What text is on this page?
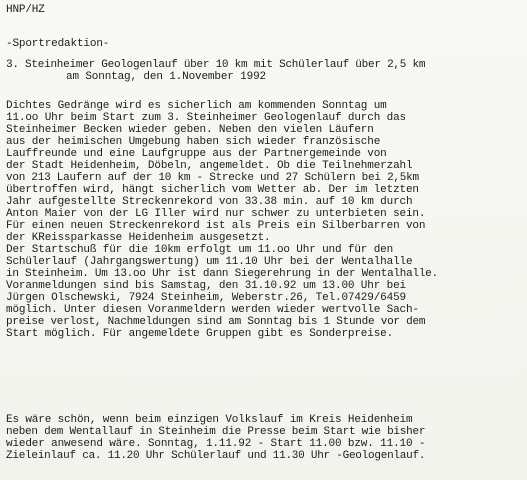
HNP/HZ

-Sportredaktion-

3. Steinheimer Geologenlauf über 10 km mit Schülerlauf über 2,5 km

am Sonntag, den 1.November 1992

Dichtes Gedränge wird es sicherlich am kommenden Sonntag um

11.oo Uhr beim Start zum 3. Steinheimer Geologenlauf durch das

Steinheimer Becken wieder geben. Neben den vielen Läufern

aus der heimischen Umgebung haben sich wieder französische

Lauffreunde und eine Laufgruppe aus der Partnergemeinde von

der Stadt Heidenheim, Döbeln, angemeldet. Ob die Teilnehmerzahl

von 213 Laufern auf der 10 km - Strecke und 27 Schülern bei 2,5km

übertroffen wird, hängt sicherlich vom Wetter ab. Der im letzten

Jahr aufgestellte Streckenrekord von 33.38 min. auf 10 km durch

Anton Maier von der LG Iller wird nur schwer zu unterbieten sein.

Für einen neuen Streckenrekord ist als Preis ein Silberbarren von

der KReissparkasse Heidenheim ausgesetzt.

Der Startschuß für die 10km erfolgt um 11.oo Uhr und für den

Schülerlauf (Jahrgangswertung) um 11.10 Uhr bei der Wentalhalle

in Steinheim. Um 13.oo Uhr ist dann Siegerehrung in der Wentalhalle.

Voranmeldungen sind bis Samstag, den 31.10.92 um 13.00 Uhr bei

Jürgen Olschewski, 7924 Steinheim, Weberstr.26, Tel.07429/6459

möglich. Unter diesen Voranmeldern werden wieder wertvolle Sach-

preise verlost, Nachmeldungen sind am Sonntag bis 1 Stunde vor dem

Start möglich. Für angemeldete Gruppen gibt es Sonderpreise.

Es wäre schön, wenn beim einzigen Volkslauf im Kreis Heidenheim

neben dem Wentallauf in Steinheim die Presse beim Start wie bisher

wieder anwesend wäre. Sonntag, 1.11.92 - Start 11.00 bzw. 11.10 -

Zieleinlauf ca. 11.20 Uhr Schülerlauf und 11.30 Uhr -Geologenlauf.
